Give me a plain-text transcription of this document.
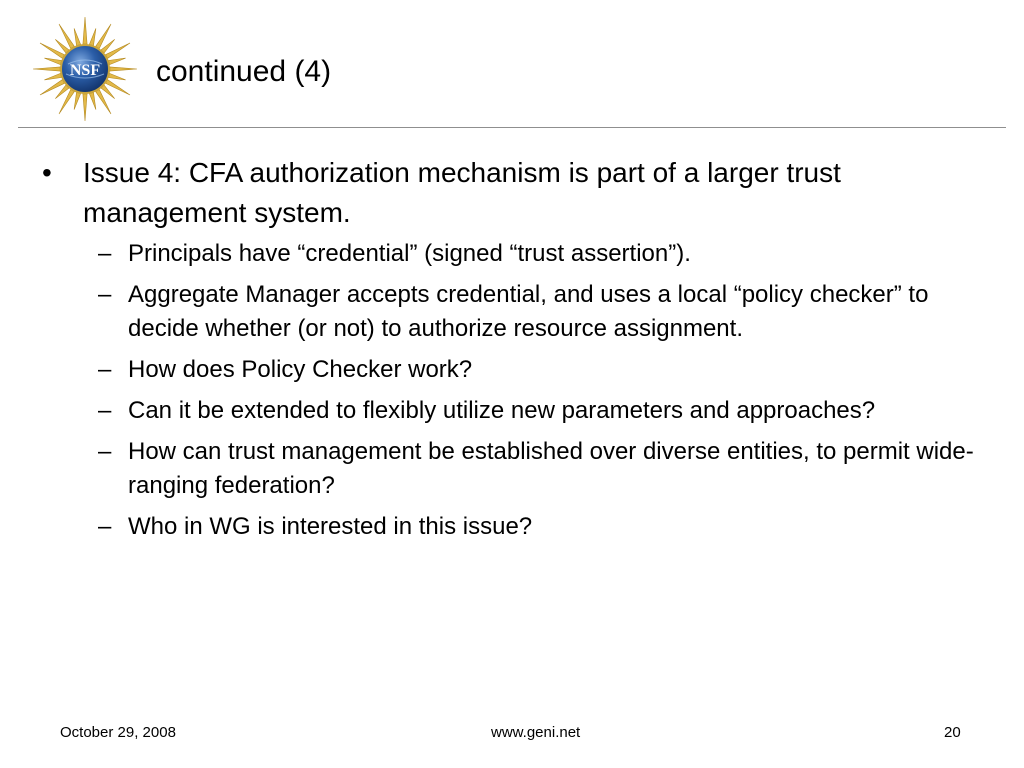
NSF continued (4)
•	Issue 4: CFA authorization mechanism is part of a larger trust management system.
– Principals have “credential” (signed “trust assertion”).
– Aggregate Manager accepts credential, and uses a local “policy checker” to decide whether (or not) to authorize resource assignment.
– How does Policy Checker work?
– Can it be extended to flexibly utilize new parameters and approaches?
– How can trust management be established over diverse entities, to permit wide-ranging federation?
– Who in WG is interested in this issue?
October 29, 2008	www.geni.net	20
